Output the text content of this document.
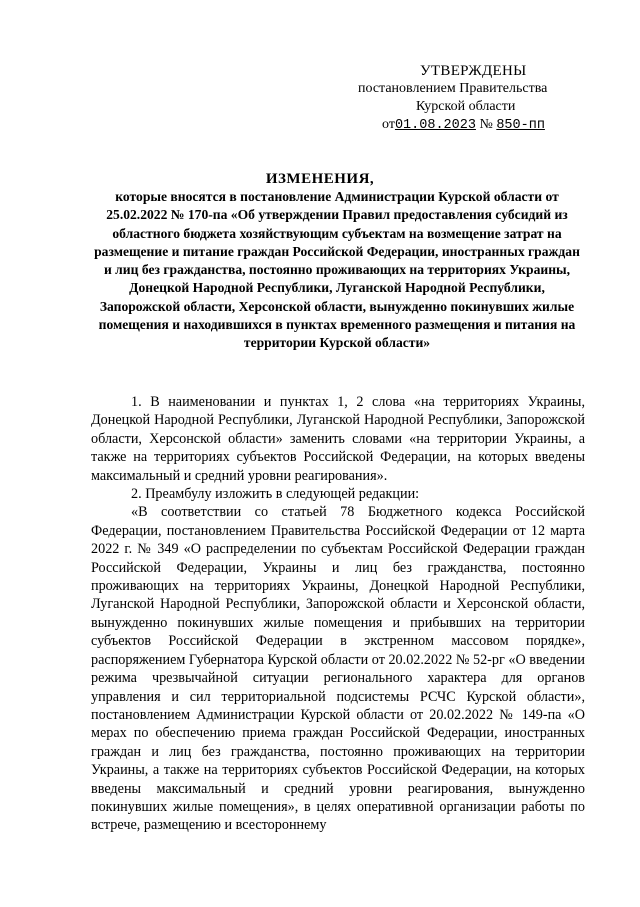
УТВЕРЖДЕНЫ
постановлением Правительства
Курской области
от01.08.2023 № 850-пп
ИЗМЕНЕНИЯ,
которые вносятся в постановление Администрации Курской области от 25.02.2022 № 170-па «Об утверждении Правил предоставления субсидий из областного бюджета хозяйствующим субъектам на возмещение затрат на размещение и питание граждан Российской Федерации, иностранных граждан и лиц без гражданства, постоянно проживающих на территориях Украины, Донецкой Народной Республики, Луганской Народной Республики, Запорожской области, Херсонской области, вынужденно покинувших жилые помещения и находившихся в пунктах временного размещения и питания на территории Курской области»

1. В наименовании и пунктах 1, 2 слова «на территориях Украины, Донецкой Народной Республики, Луганской Народной Республики, Запорожской области, Херсонской области» заменить словами «на территории Украины, а также на территориях субъектов Российской Федерации, на которых введены максимальный и средний уровни реагирования».

2. Преамбулу изложить в следующей редакции:

«В соответствии со статьей 78 Бюджетного кодекса Российской Федерации, постановлением Правительства Российской Федерации от 12 марта 2022 г. № 349 «О распределении по субъектам Российской Федерации граждан Российской Федерации, Украины и лиц без гражданства, постоянно проживающих на территориях Украины, Донецкой Народной Республики, Луганской Народной Республики, Запорожской области и Херсонской области, вынужденно покинувших жилые помещения и прибывших на территории субъектов Российской Федерации в экстренном массовом порядке», распоряжением Губернатора Курской области от 20.02.2022 № 52-рг «О введении режима чрезвычайной ситуации регионального характера для органов управления и сил территориальной подсистемы РСЧС Курской области», постановлением Администрации Курской области от 20.02.2022 № 149-па «О мерах по обеспечению приема граждан Российской Федерации, иностранных граждан и лиц без гражданства, постоянно проживающих на территории Украины, а также на территориях субъектов Российской Федерации, на которых введены максимальный и средний уровни реагирования, вынужденно покинувших жилые помещения», в целях оперативной организации работы по встрече, размещению и всестороннему
